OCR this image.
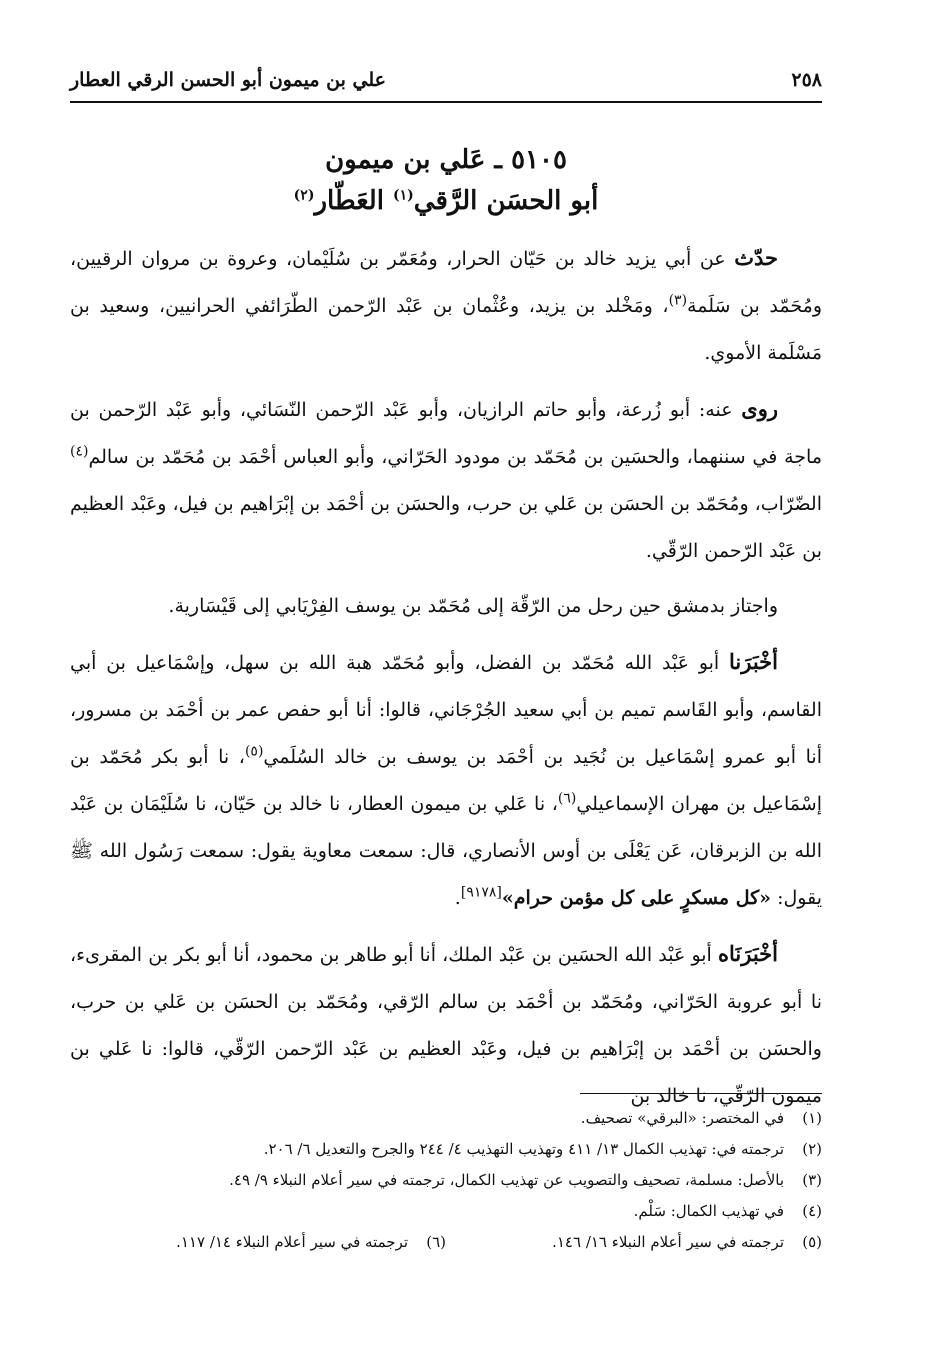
٢٥٨
علي بن ميمون أبو الحسن الرقي العطار
٥١٠٥ ـ عَلي بن ميمون
أبو الحسَن الرَّقي$^{(١)}$ العَطّار$^{(٢)}$

حدّث عن أبي يزيد خالد بن حَيّان الحرار، ومُعَمّر بن سُلَيْمان، وعروة بن مروان الرقيين، ومُحَمّد بن سَلَمة$^{(٣)}$، ومَخْلد بن يزيد، وعُثْمان بن عَبْد الرّحمن الطّرَائفي الحرانيين، وسعيد بن مَسْلَمة الأموي.

روى عنه: أبو زُرعة، وأبو حاتم الرازيان، وأبو عَبْد الرّحمن النّسَائي، وأبو عَبْد الرّحمن بن ماجة في سننهما، والحسَين بن مُحَمّد بن مودود الحَرّاني، وأبو العباس أحْمَد بن مُحَمّد بن سالم$^{(٤)}$ الضّرّاب، ومُحَمّد بن الحسَن بن عَلي بن حرب، والحسَن بن أحْمَد بن إبْرَاهيم بن فيل، وعَبْد العظيم بن عَبْد الرّحمن الرّقّي.

واجتاز بدمشق حين رحل من الرّقّة إلى مُحَمّد بن يوسف الفِرْيَابي إلى قَيْسَارية.

أخْبَرَنا أبو عَبْد الله مُحَمّد بن الفضل، وأبو مُحَمّد هبة الله بن سهل، وإسْمَاعيل بن أبي القاسم، وأبو القَاسم تميم بن أبي سعيد الجُرْجَاني، قالوا: أنا أبو حفص عمر بن أحْمَد بن مسرور، أنا أبو عمرو إسْمَاعيل بن نُجَيد بن أحْمَد بن يوسف بن خالد السُلَمي$^{(٥)}$، نا أبو بكر مُحَمّد بن إسْمَاعيل بن مهران الإسماعيلي$^{(٦)}$، نا عَلي بن ميمون العطار، نا خالد بن حَيّان، نا سُلَيْمَان بن عَبْد الله بن الزبرقان، عَن يَعْلَى بن أوس الأنصاري، قال: سمعت معاوية يقول: سمعت رَسُول الله ﷺ يقول: «كل مسكرٍ على كل مؤمن حرام»[٩١٧٨].

أخْبَرَنَاه أبو عَبْد الله الحسَين بن عَبْد الملك، أنا أبو طاهر بن محمود، أنا أبو بكر بن المقرىء، نا أبو عروبة الحَرّاني، ومُحَمّد بن أحْمَد بن سالم الرّقي، ومُحَمّد بن الحسَن بن عَلي بن حرب، والحسَن بن أحْمَد بن إبْرَاهيم بن فيل، وعَبْد العظيم بن عَبْد الرّحمن الرّقّي، قالوا: نا عَلي بن ميمون الرّقّي، نا خالد بن

(١)
في المختصر: «البرقي» تصحيف.
(٢)
ترجمته في: تهذيب الكمال ١٣/ ٤١١ وتهذيب التهذيب ٤/ ٢٤٤ والجرح والتعديل ٦/ ٢٠٦.
(٣)
بالأصل: مسلمة، تصحيف والتصويب عن تهذيب الكمال، ترجمته في سير أعلام النبلاء ٩/ ٤٩.
(٤)
في تهذيب الكمال: سَلْم.
(٥)
ترجمته في سير أعلام النبلاء ١٦/ ١٤٦.
(٦)
ترجمته في سير أعلام النبلاء ١٤/ ١١٧.
